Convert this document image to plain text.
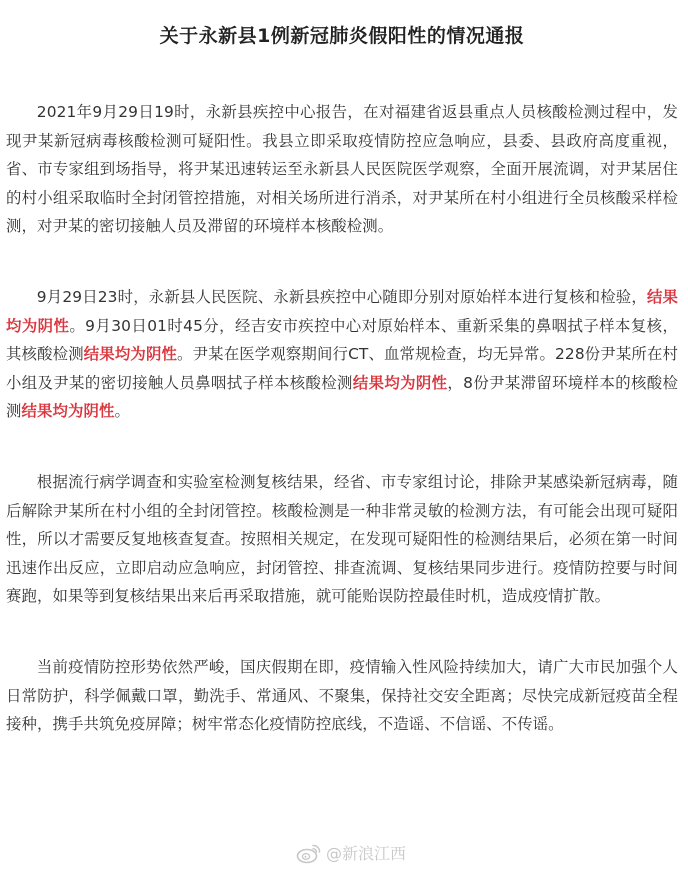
关于永新县1例新冠肺炎假阳性的情况通报

2021年9月29日19时，永新县疾控中心报告，在对福建省返县重点人员核酸检测过程中，发现尹某新冠病毒核酸检测可疑阳性。我县立即采取疫情防控应急响应，县委、县政府高度重视，省、市专家组到场指导，将尹某迅速转运至永新县人民医院医学观察，全面开展流调，对尹某居住的村小组采取临时全封闭管控措施，对相关场所进行消杀，对尹某所在村小组进行全员核酸采样检测，对尹某的密切接触人员及滞留的环境样本核酸检测。

9月29日23时，永新县人民医院、永新县疾控中心随即分别对原始样本进行复核和检验，结果均为阴性。9月30日01时45分，经吉安市疾控中心对原始样本、重新采集的鼻咽拭子样本复核，其核酸检测结果均为阴性。尹某在医学观察期间行CT、血常规检查，均无异常。228份尹某所在村小组及尹某的密切接触人员鼻咽拭子样本核酸检测结果均为阴性，8份尹某滞留环境样本的核酸检测结果均为阴性。

根据流行病学调查和实验室检测复核结果，经省、市专家组讨论，排除尹某感染新冠病毒，随后解除尹某所在村小组的全封闭管控。核酸检测是一种非常灵敏的检测方法，有可能会出现可疑阳性，所以才需要反复地核查复查。按照相关规定，在发现可疑阳性的检测结果后，必须在第一时间迅速作出反应，立即启动应急响应，封闭管控、排查流调、复核结果同步进行。疫情防控要与时间赛跑，如果等到复核结果出来后再采取措施，就可能贻误防控最佳时机，造成疫情扩散。

当前疫情防控形势依然严峻，国庆假期在即，疫情输入性风险持续加大，请广大市民加强个人日常防护，科学佩戴口罩，勤洗手、常通风、不聚集，保持社交安全距离；尽快完成新冠疫苗全程接种，携手共筑免疫屏障；树牢常态化疫情防控底线，不造谣、不信谣、不传谣。

@新浪江西
